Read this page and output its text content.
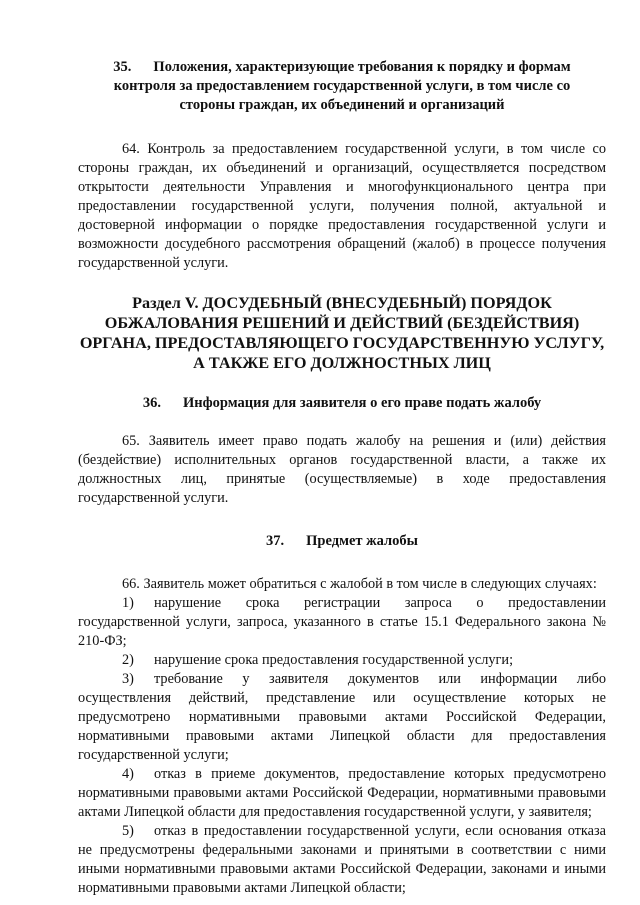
35. Положения, характеризующие требования к порядку и формам контроля за предоставлением государственной услуги, в том числе со стороны граждан, их объединений и организаций

64. Контроль за предоставлением государственной услуги, в том числе со стороны граждан, их объединений и организаций, осуществляется посредством открытости деятельности Управления и многофункционального центра при предоставлении государственной услуги, получения полной, актуальной и достоверной информации о порядке предоставления государственной услуги и возможности досудебного рассмотрения обращений (жалоб) в процессе получения государственной услуги.

Раздел V. ДОСУДЕБНЫЙ (ВНЕСУДЕБНЫЙ) ПОРЯДОК ОБЖАЛОВАНИЯ РЕШЕНИЙ И ДЕЙСТВИЙ (БЕЗДЕЙСТВИЯ) ОРГАНА, ПРЕДОСТАВЛЯЮЩЕГО ГОСУДАРСТВЕННУЮ УСЛУГУ, А ТАКЖЕ ЕГО ДОЛЖНОСТНЫХ ЛИЦ
36. Информация для заявителя о его праве подать жалобу

65. Заявитель имеет право подать жалобу на решения и (или) действия (бездействие) исполнительных органов государственной власти, а также их должностных лиц, принятые (осуществляемые) в ходе предоставления государственной услуги.

37. Предмет жалобы

66. Заявитель может обратиться с жалобой в том числе в следующих случаях:

1) нарушение срока регистрации запроса о предоставлении государственной услуги, запроса, указанного в статье 15.1 Федерального закона № 210-ФЗ;

2) нарушение срока предоставления государственной услуги;

3) требование у заявителя документов или информации либо осуществления действий, представление или осуществление которых не предусмотрено нормативными правовыми актами Российской Федерации, нормативными правовыми актами Липецкой области для предоставления государственной услуги;

4) отказ в приеме документов, предоставление которых предусмотрено нормативными правовыми актами Российской Федерации, нормативными правовыми актами Липецкой области для предоставления государственной услуги, у заявителя;

5) отказ в предоставлении государственной услуги, если основания отказа не предусмотрены федеральными законами и принятыми в соответствии с ними иными нормативными правовыми актами Российской Федерации, законами и иными нормативными правовыми актами Липецкой области;
